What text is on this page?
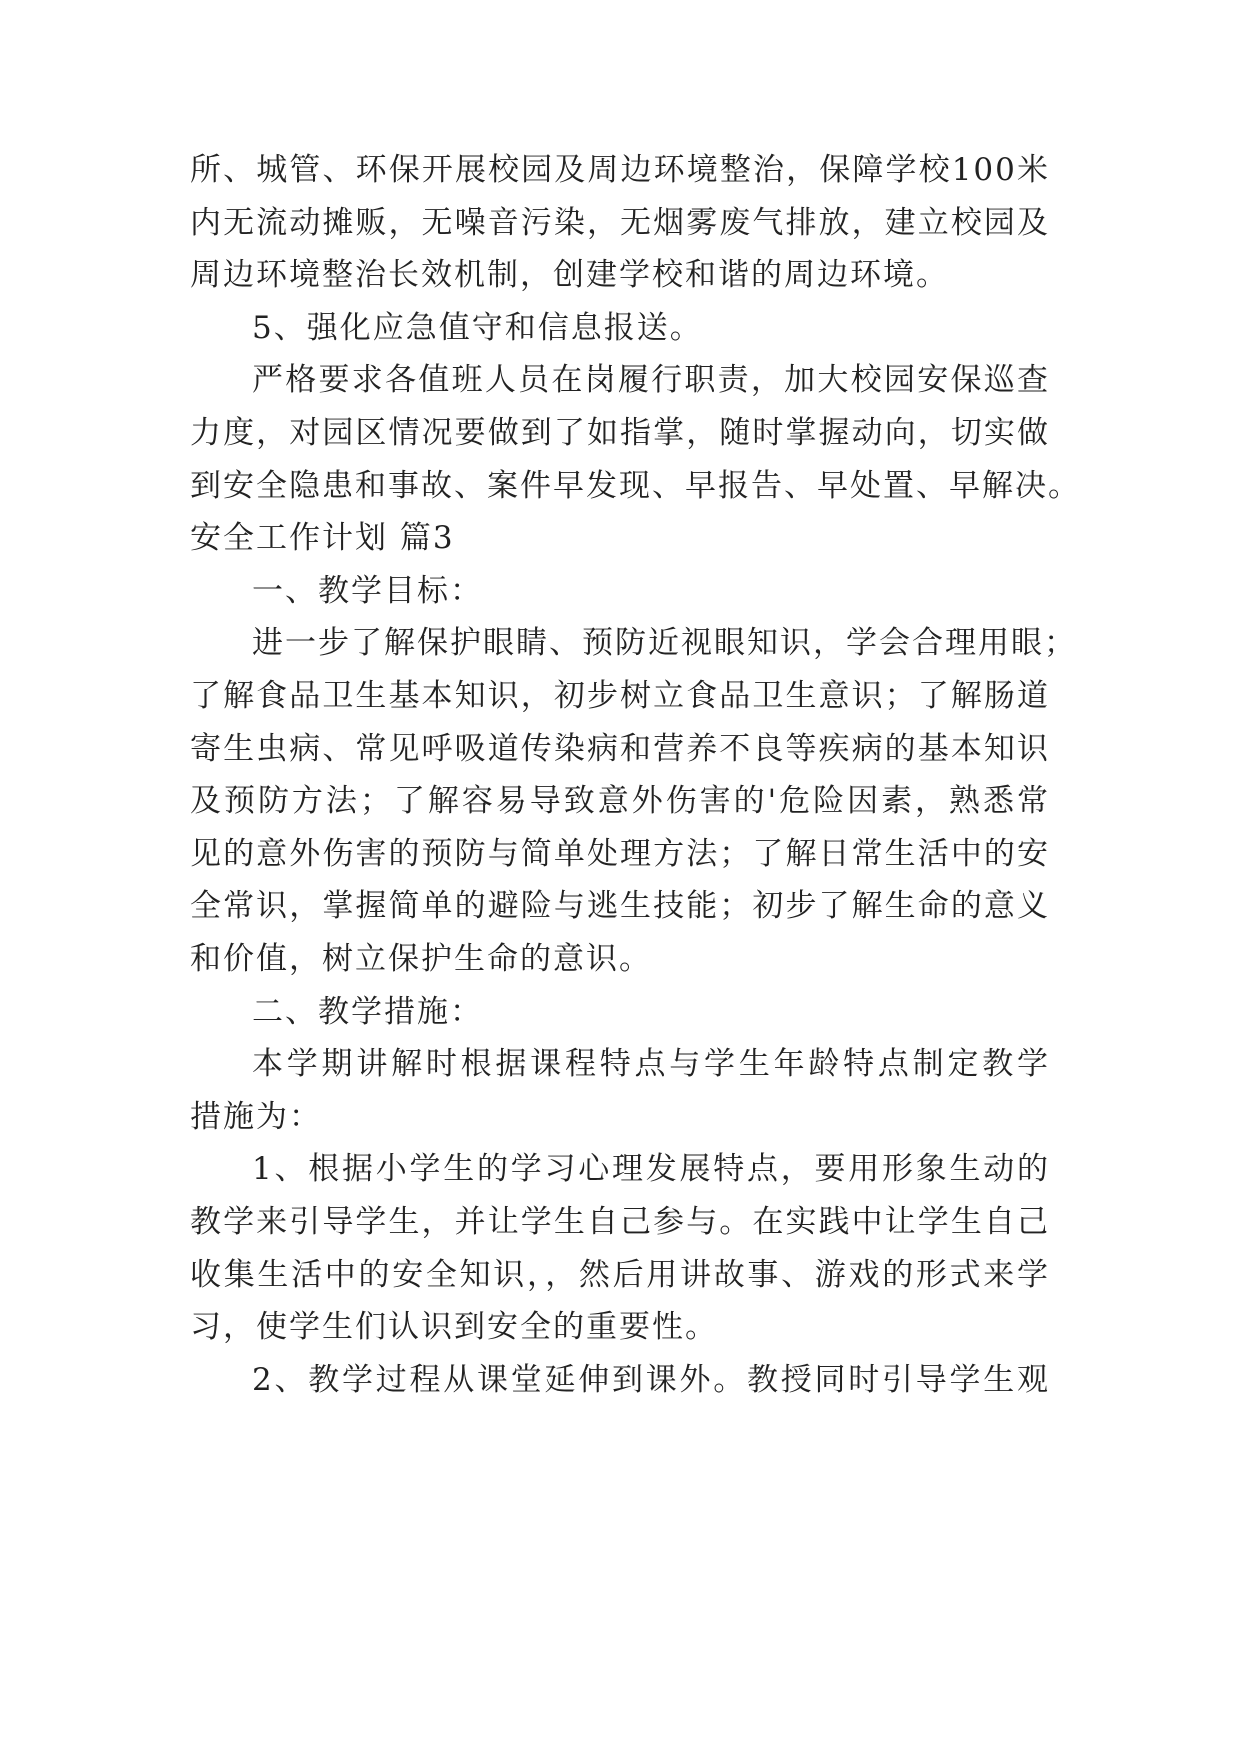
所、城管、环保开展校园及周边环境整治，保障学校100米
内无流动摊贩，无噪音污染，无烟雾废气排放，建立校园及
周边环境整治长效机制，创建学校和谐的周边环境。
5、强化应急值守和信息报送。
严格要求各值班人员在岗履行职责，加大校园安保巡查
力度，对园区情况要做到了如指掌，随时掌握动向，切实做
到安全隐患和事故、案件早发现、早报告、早处置、早解决。
安全工作计划 篇3
一、教学目标：
进一步了解保护眼睛、预防近视眼知识，学会合理用眼；
了解食品卫生基本知识，初步树立食品卫生意识；了解肠道
寄生虫病、常见呼吸道传染病和营养不良等疾病的基本知识
及预防方法；了解容易导致意外伤害的'危险因素，熟悉常
见的意外伤害的预防与简单处理方法；了解日常生活中的安
全常识，掌握简单的避险与逃生技能；初步了解生命的意义
和价值，树立保护生命的意识。
二、教学措施：
本学期讲解时根据课程特点与学生年龄特点制定教学
措施为：
1、根据小学生的学习心理发展特点，要用形象生动的
教学来引导学生，并让学生自己参与。在实践中让学生自己
收集生活中的安全知识，，然后用讲故事、游戏的形式来学
习，使学生们认识到安全的重要性。
2、教学过程从课堂延伸到课外。教授同时引导学生观
